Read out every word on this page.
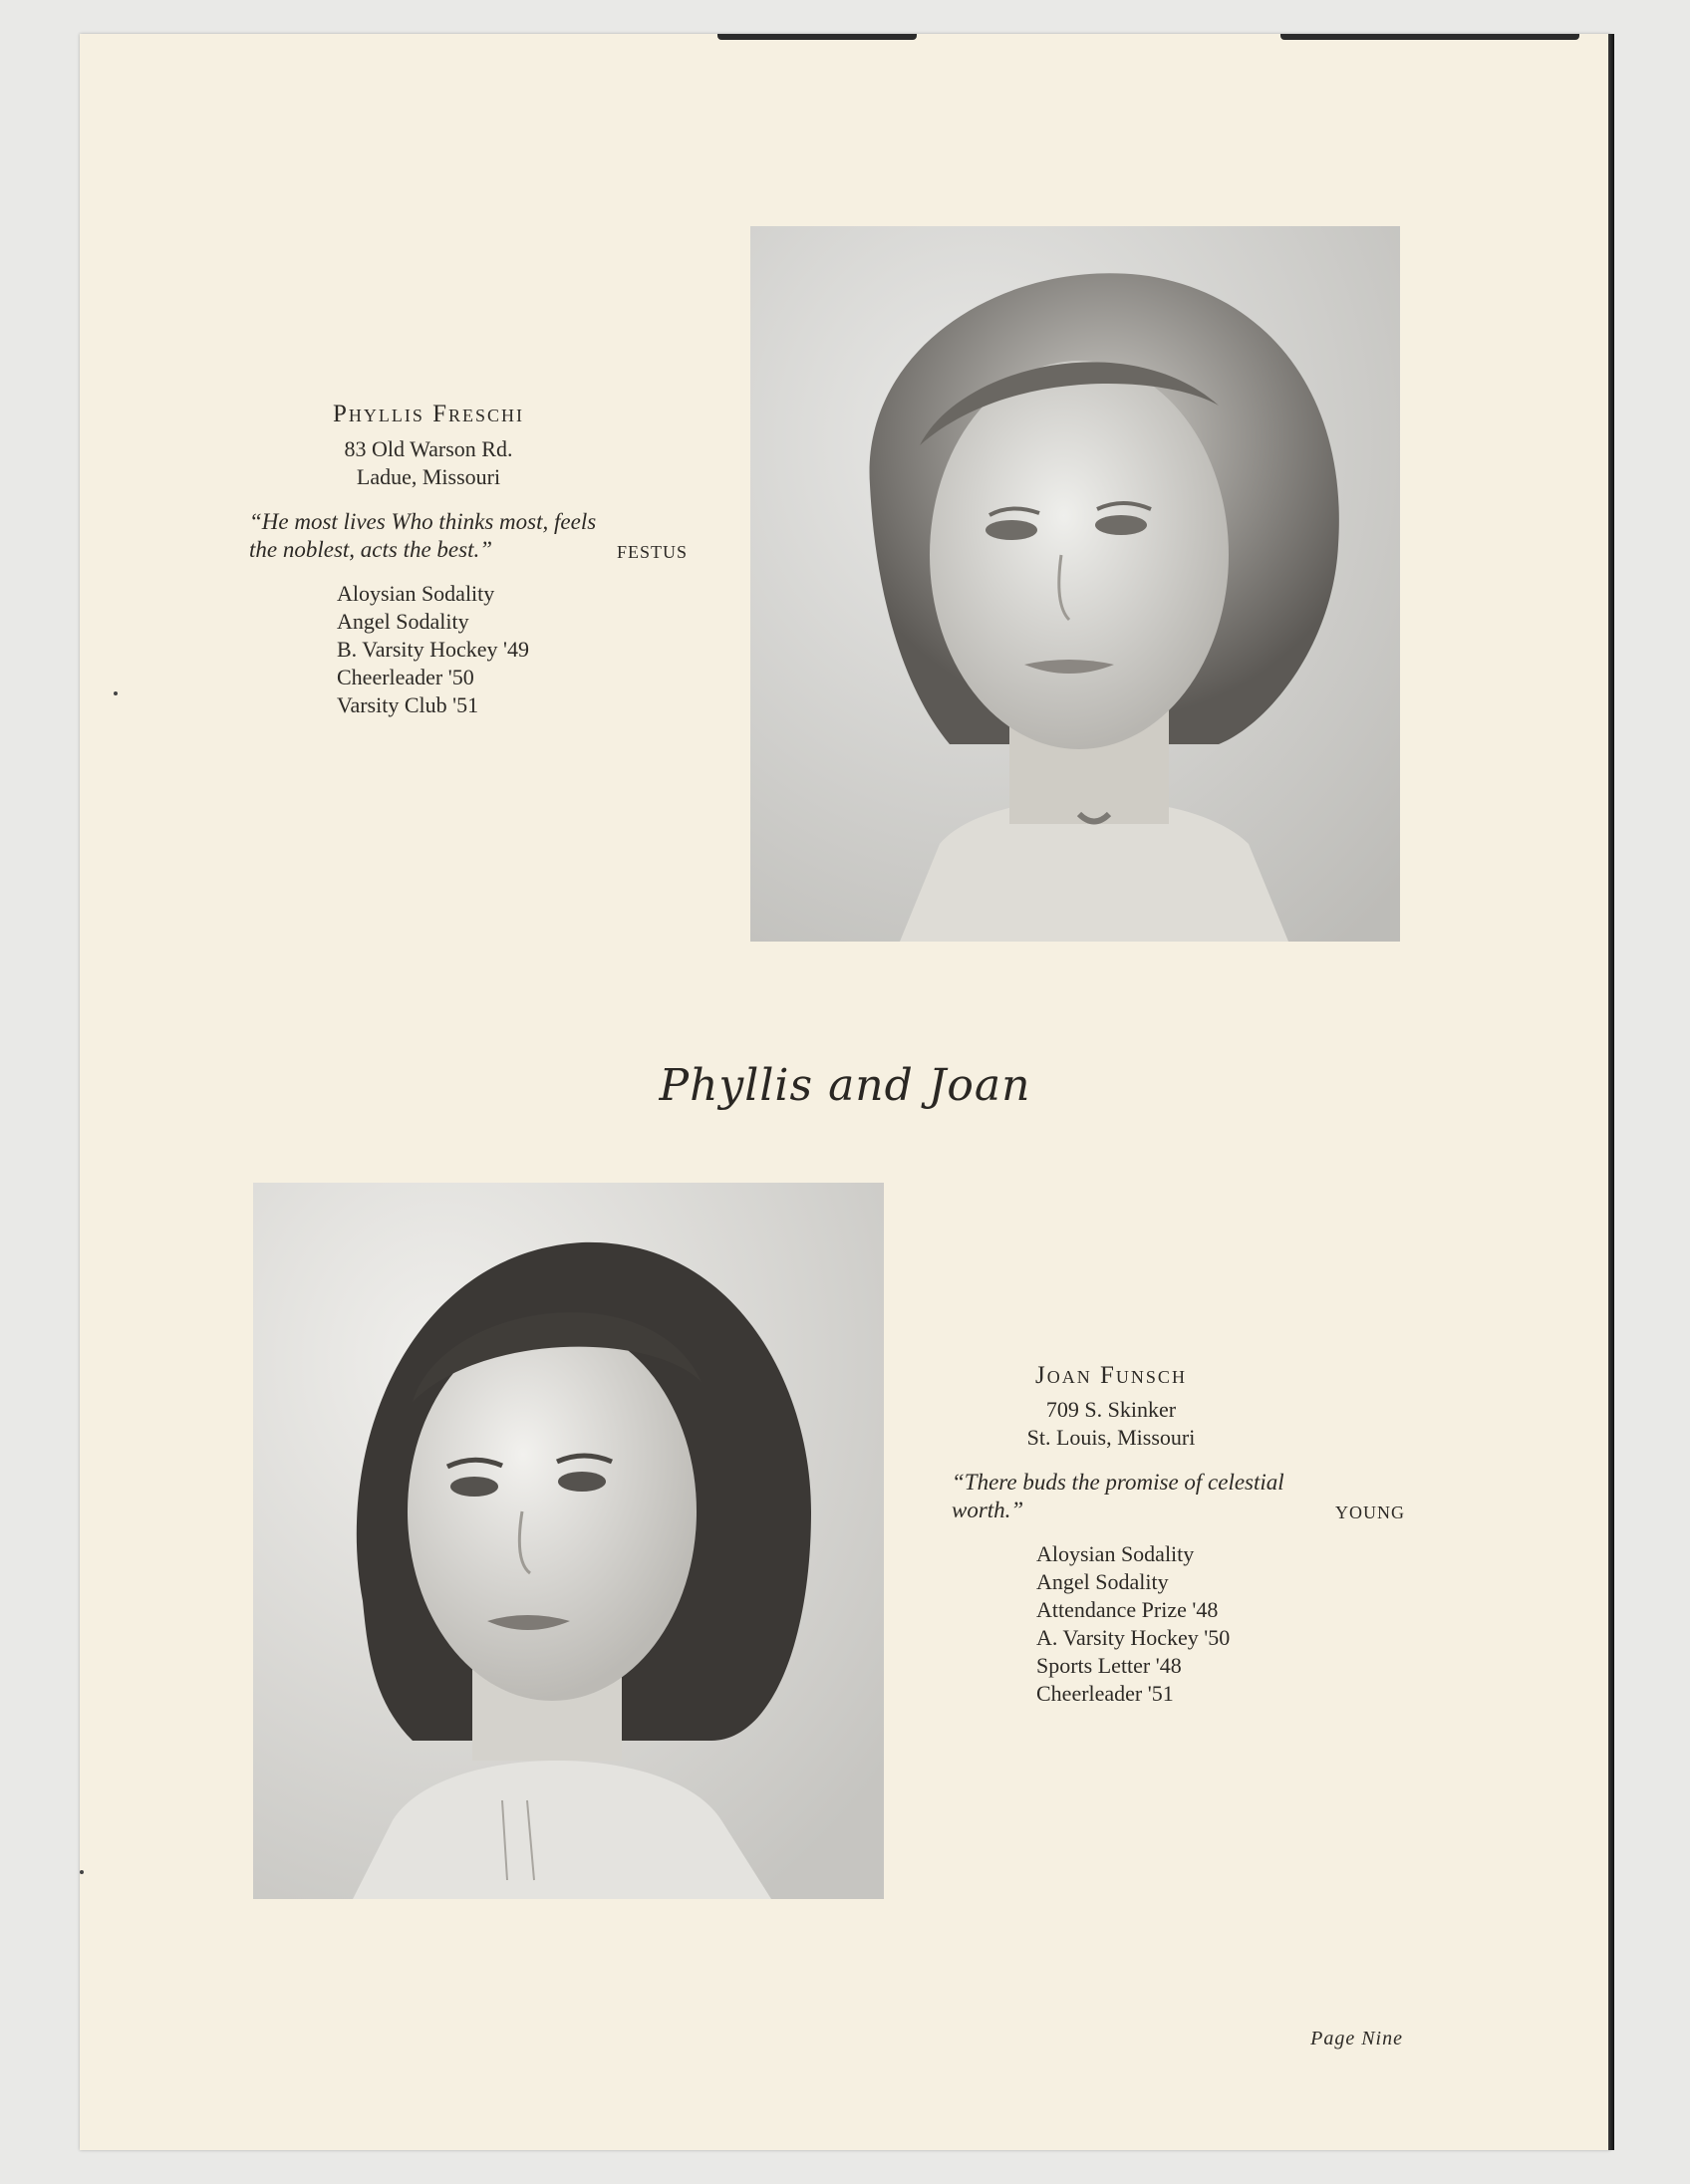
Phyllis Freschi
83 Old Warson Rd.
Ladue, Missouri
“He most lives Who thinks most, feels
the noblest, acts the best.”	FESTUS
Aloysian Sodality
Angel Sodality
B. Varsity Hockey '49
Cheerleader '50
Varsity Club '51
Phyllis and Joan
Joan Funsch
709 S. Skinker
St. Louis, Missouri
“There buds the promise of celestial
worth.”	YOUNG
Aloysian Sodality
Angel Sodality
Attendance Prize '48
A. Varsity Hockey '50
Sports Letter '48
Cheerleader '51
Page Nine
